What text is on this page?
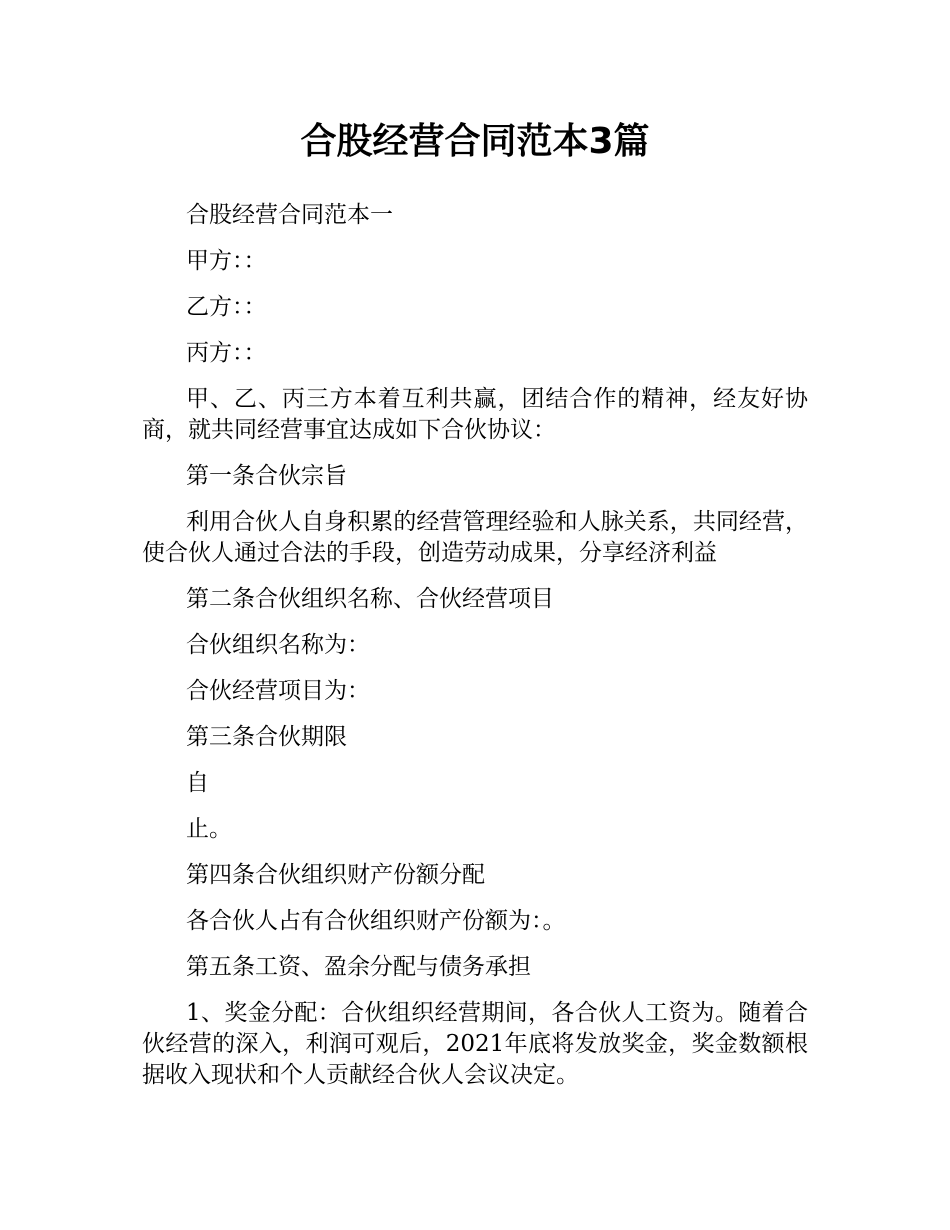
合股经营合同范本3篇

合股经营合同范本一

甲方：：

乙方：：

丙方：：

甲、乙、丙三方本着互利共赢，团结合作的精神，经友好协商，就共同经营事宜达成如下合伙协议：

第一条合伙宗旨

利用合伙人自身积累的经营管理经验和人脉关系，共同经营，使合伙人通过合法的手段，创造劳动成果，分享经济利益

第二条合伙组织名称、合伙经营项目

合伙组织名称为：

合伙经营项目为：

第三条合伙期限

自

止。

第四条合伙组织财产份额分配

各合伙人占有合伙组织财产份额为：。

第五条工资、盈余分配与债务承担

1、奖金分配：合伙组织经营期间，各合伙人工资为。随着合伙经营的深入，利润可观后，2021年底将发放奖金，奖金数额根据收入现状和个人贡献经合伙人会议决定。
